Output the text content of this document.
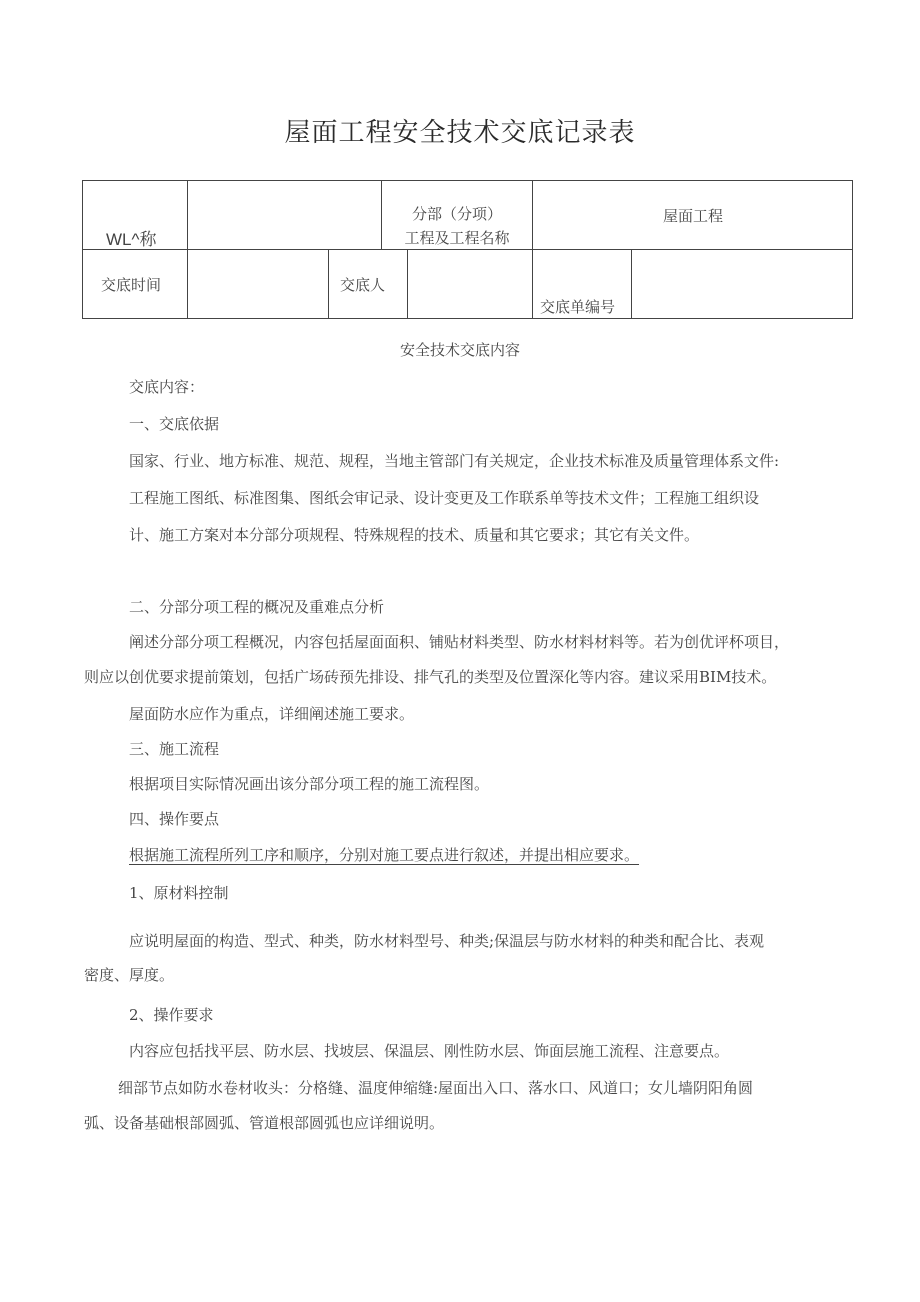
屋面工程安全技术交底记录表
WL^称
分部（分项）
工程及工程名称
屋面工程
交底时间	交底人
交底单编号
安全技术交底内容
交底内容：
一、交底依据
国家、行业、地方标准、规范、规程，当地主管部门有关规定，企业技术标准及质量管理体系文件:
工程施工图纸、标准图集、图纸会审记录、设计变更及工作联系单等技术文件；工程施工组织设
计、施工方案对本分部分项规程、特殊规程的技术、质量和其它要求；其它有关文件。
二、分部分项工程的概况及重难点分析
阐述分部分项工程概况，内容包括屋面面积、铺贴材料类型、防水材料材料等。若为创优评杯项目，
则应以创优要求提前策划，包括广场砖预先排设、排气孔的类型及位置深化等内容。建议采用BIM技术。
屋面防水应作为重点，详细阐述施工要求。
三、施工流程
根据项目实际情况画出该分部分项工程的施工流程图。
四、操作要点
根据施工流程所列工序和顺序，分别对施工要点进行叙述，并提出相应要求。
1、原材料控制
应说明屋面的构造、型式、种类，防水材料型号、种类;保温层与防水材料的种类和配合比、表观
密度、厚度。
2、操作要求
内容应包括找平层、防水层、找坡层、保温层、刚性防水层、饰面层施工流程、注意要点。
细部节点如防水卷材收头：分格缝、温度伸缩缝:屋面出入口、落水口、风道口；女儿墙阴阳角圆
弧、设备基础根部圆弧、管道根部圆弧也应详细说明。
